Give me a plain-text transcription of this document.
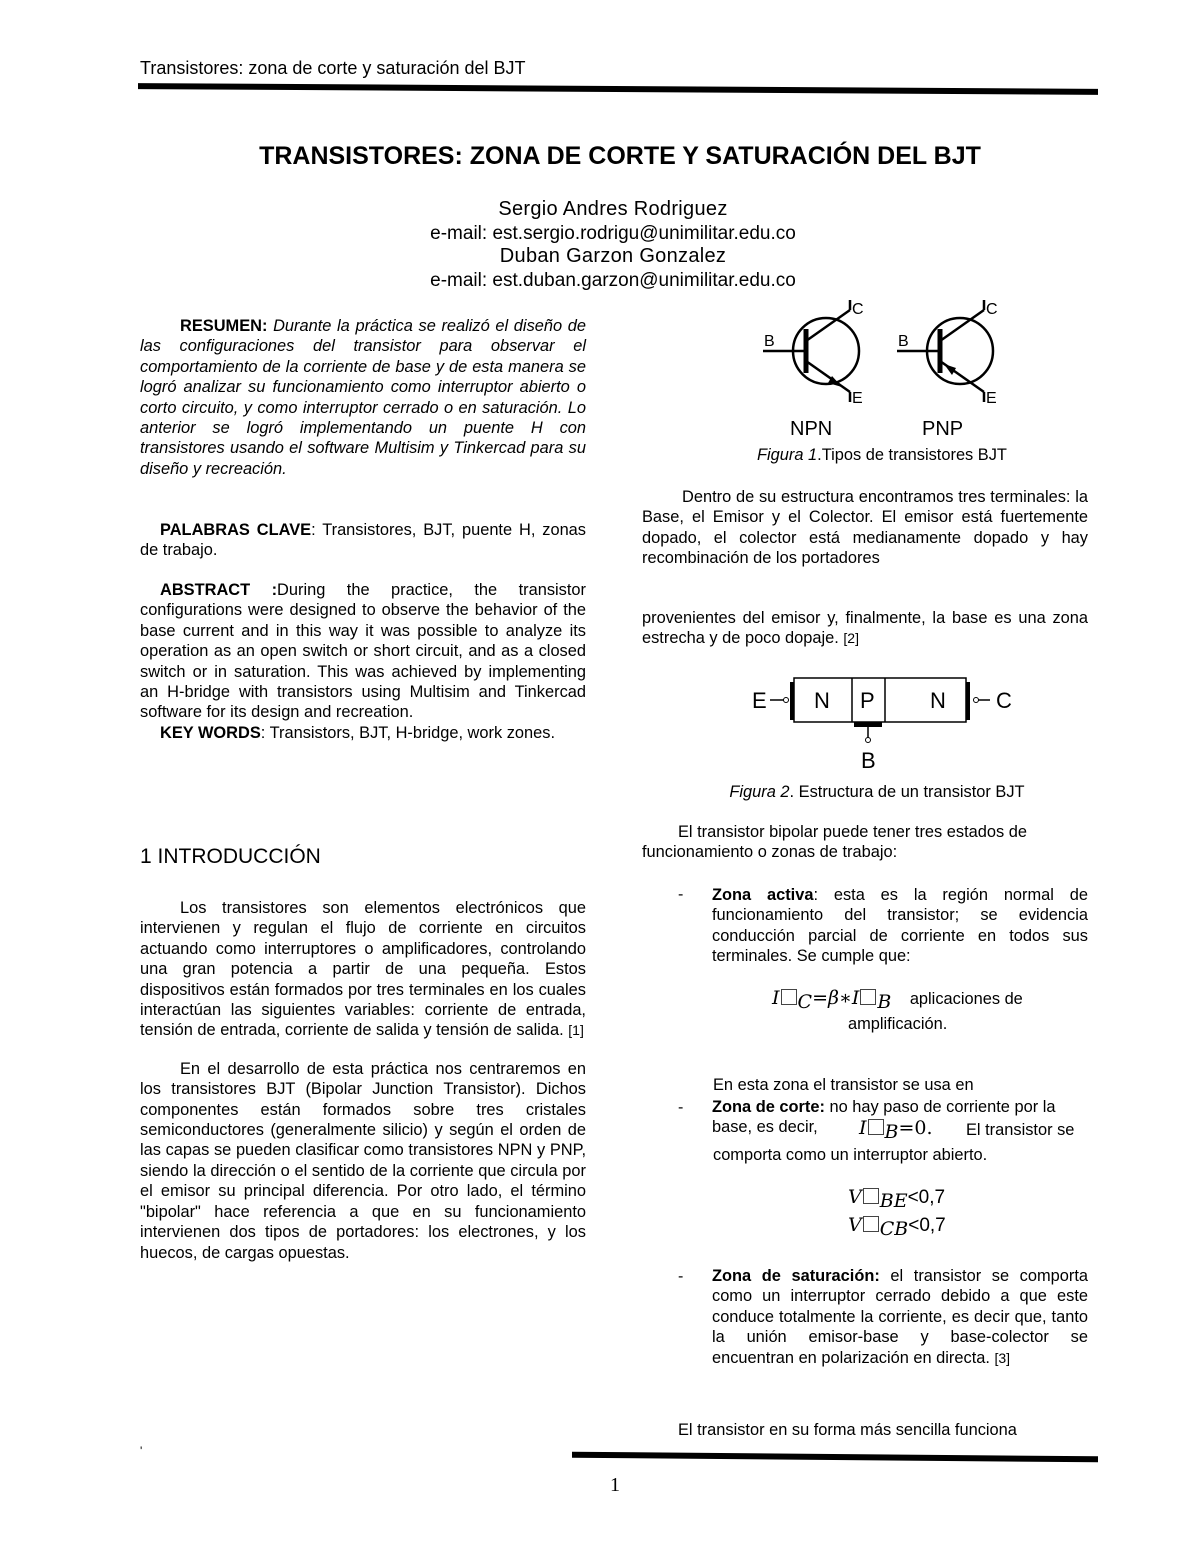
Transistores: zona de corte y saturación del BJT
TRANSISTORES: ZONA DE CORTE Y SATURACIÓN DEL BJT
Sergio Andres Rodriguez
e-mail: est.sergio.rodrigu@unimilitar.edu.co
Duban Garzon Gonzalez
e-mail: est.duban.garzon@unimilitar.edu.co

RESUMEN: Durante la práctica se realizó el diseño de las configuraciones del transistor para observar el comportamiento de la corriente de base y de esta manera se logró analizar su funcionamiento como interruptor abierto o corto circuito, y como interruptor cerrado o en saturación. Lo anterior se logró implementando un puente H con transistores usando el software Multisim y Tinkercad para su diseño y recreación.

PALABRAS CLAVE: Transistores, BJT, puente H, zonas de trabajo.

ABSTRACT :During the practice, the transistor configurations were designed to observe the behavior of the base current and in this way it was possible to analyze its operation as an open switch or short circuit, and as a closed switch or in saturation. This was achieved by implementing an H-bridge with transistors using Multisim and Tinkercad software for its design and recreation.

KEY WORDS: Transistors, BJT, H-bridge, work zones.

1 INTRODUCCIÓN

Los transistores son elementos electrónicos que intervienen y regulan el flujo de corriente en circuitos actuando como interruptores o amplificadores, controlando una gran potencia a partir de una pequeña. Estos dispositivos están formados por tres terminales en los cuales interactúan las siguientes variables: corriente de entrada, tensión de entrada, corriente de salida y tensión de salida. [1]

En el desarrollo de esta práctica nos centraremos en los transistores BJT (Bipolar Junction Transistor). Dichos componentes están formados sobre tres cristales semiconductores (generalmente silicio) y según el orden de las capas se pueden clasificar como transistores NPN y PNP, siendo la dirección o el sentido de la corriente que circula por el emisor su principal diferencia. Por otro lado, el término "bipolar" hace referencia a que en su funcionamiento intervienen dos tipos de portadores: los electrones, y los huecos, de cargas opuestas.

B
C
E
B
C
E
NPN	PNP
Figura 1.Tipos de transistores BJT

Dentro de su estructura encontramos tres terminales: la Base, el Emisor y el Colector. El emisor está fuertemente dopado, el colector está medianamente dopado y hay recombinación de los portadores

provenientes del emisor y, finalmente, la base es una zona estrecha y de poco dopaje. [2]

E	C
N P	N
B
Figura 2. Estructura de un transistor BJT

El transistor bipolar puede tener tres estados de funcionamiento o zonas de trabajo:

- Zona activa: esta es la región normal de funcionamiento del transistor; se evidencia conducción parcial de corriente en todos sus terminales. Se cumple que:

I $_C$=β∗I $_B$ aplicaciones de
amplificación.
En esta zona el transistor se usa en
- Zona de corte: no hay paso de corriente por la base, es decir,	I $_B$=0. El transistor se
comporta como un interruptor abierto.
V $_{BE}$<0,7
V $_{CB}$<0,7
- Zona de saturación: el transistor se comporta como un interruptor cerrado debido a que este conduce totalmente la corriente, es decir que, tanto la unión emisor-base y base-colector se encuentran en polarización en directa. [3]

El transistor en su forma más sencilla funciona
'
1
